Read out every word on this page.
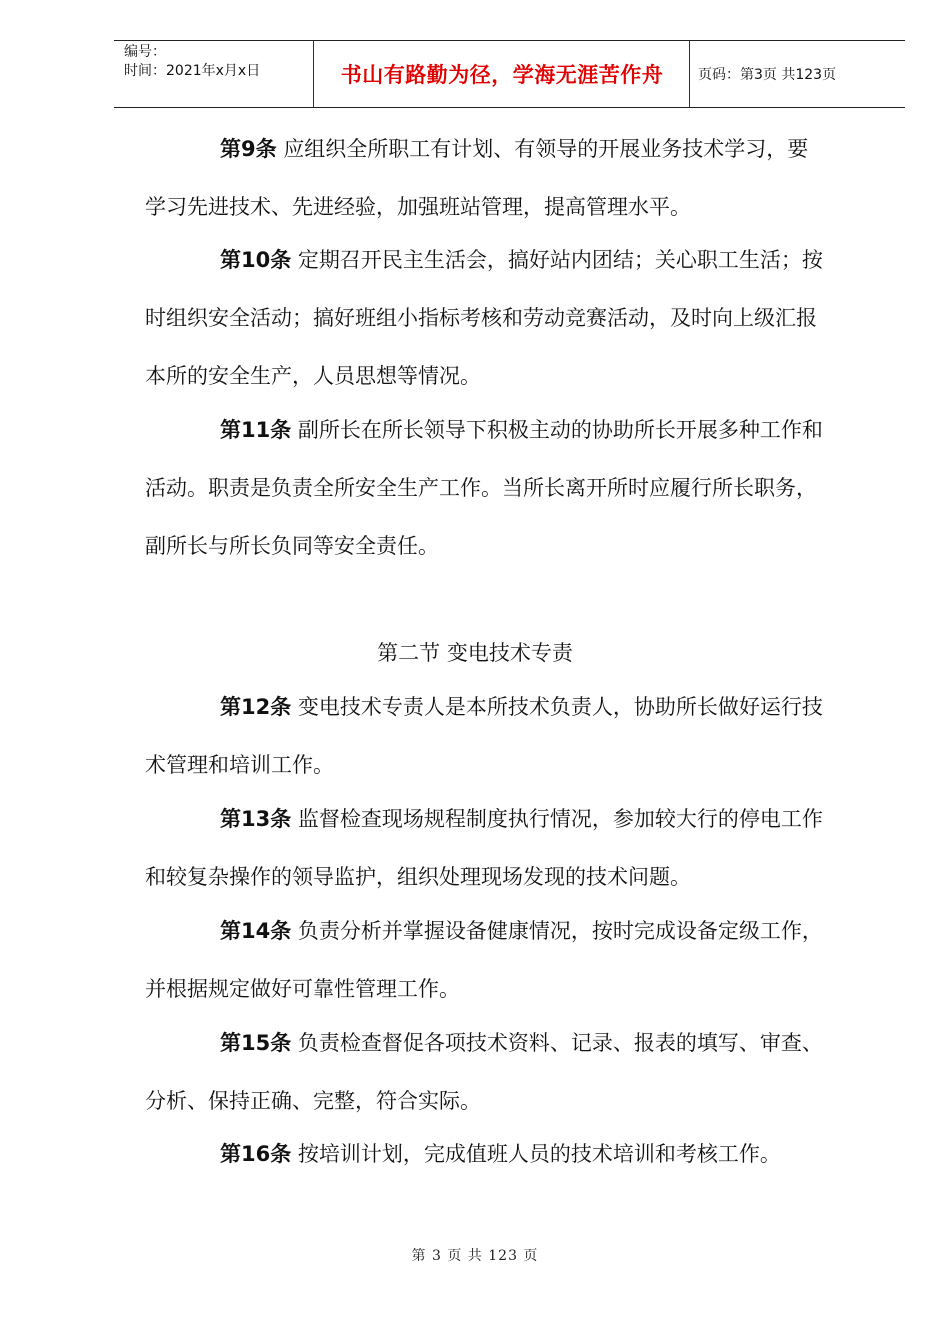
编号：
时间：2021年x月x日	书山有路勤为径，学海无涯苦作舟	页码：第3页 共123页
第9条 应组织全所职工有计划、有领导的开展业务技术学习，要
学习先进技术、先进经验，加强班站管理，提高管理水平。
第10条 定期召开民主生活会，搞好站内团结；关心职工生活；按
时组织安全活动；搞好班组小指标考核和劳动竞赛活动，及时向上级汇报
本所的安全生产，人员思想等情况。
第11条 副所长在所长领导下积极主动的协助所长开展多种工作和
活动。职责是负责全所安全生产工作。当所长离开所时应履行所长职务，
副所长与所长负同等安全责任。
第二节 变电技术专责
第12条 变电技术专责人是本所技术负责人，协助所长做好运行技
术管理和培训工作。
第13条 监督检查现场规程制度执行情况，参加较大行的停电工作
和较复杂操作的领导监护，组织处理现场发现的技术问题。
第14条 负责分析并掌握设备健康情况，按时完成设备定级工作，
并根据规定做好可靠性管理工作。
第15条 负责检查督促各项技术资料、记录、报表的填写、审查、
分析、保持正确、完整，符合实际。
第16条 按培训计划，完成值班人员的技术培训和考核工作。
第 3 页 共 123 页
